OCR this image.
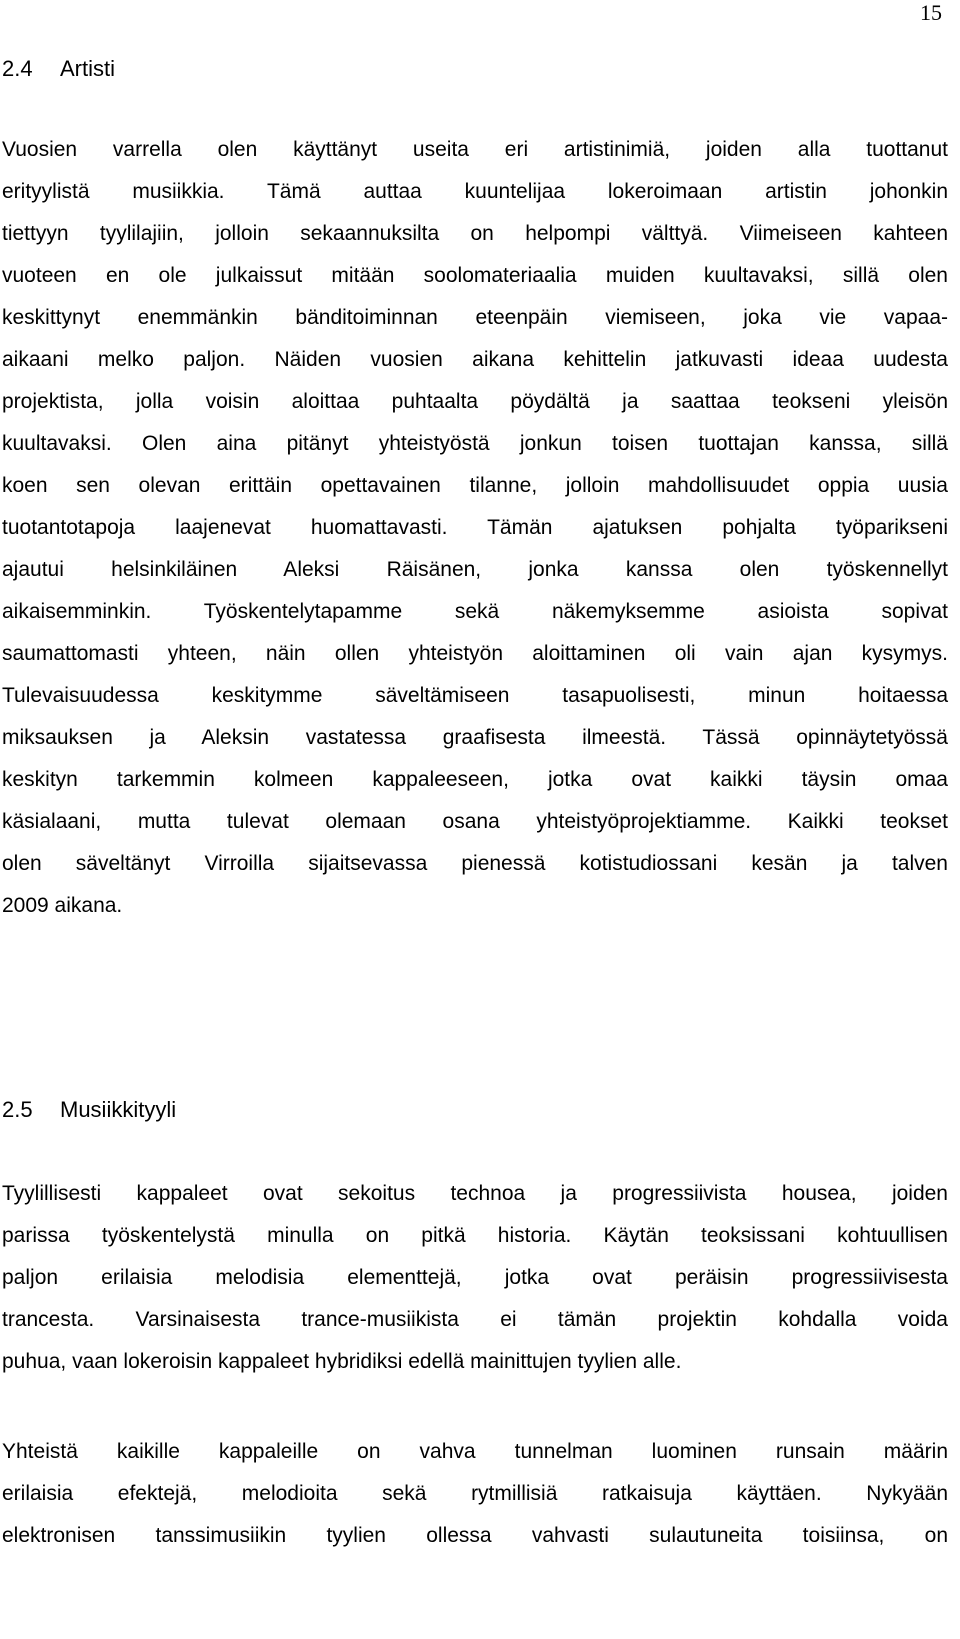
15
2.4 Artisti
Vuosien varrella olen käyttänyt useita eri artistinimiä, joiden alla tuottanut
erityylistä musiikkia. Tämä auttaa kuuntelijaa lokeroimaan artistin johonkin
tiettyyn tyylilajiin, jolloin sekaannuksilta on helpompi välttyä. Viimeiseen kahteen
vuoteen en ole julkaissut mitään soolomateriaalia muiden kuultavaksi, sillä olen
keskittynyt enemmänkin bänditoiminnan eteenpäin viemiseen, joka vie vapaa-
aikaani melko paljon. Näiden vuosien aikana kehittelin jatkuvasti ideaa uudesta
projektista, jolla voisin aloittaa puhtaalta pöydältä ja saattaa teokseni yleisön
kuultavaksi. Olen aina pitänyt yhteistyöstä jonkun toisen tuottajan kanssa, sillä
koen sen olevan erittäin opettavainen tilanne, jolloin mahdollisuudet oppia uusia
tuotantotapoja laajenevat huomattavasti. Tämän ajatuksen pohjalta työparikseni
ajautui helsinkiläinen Aleksi Räisänen, jonka kanssa olen työskennellyt
aikaisemminkin. Työskentelytapamme sekä näkemyksemme asioista sopivat
saumattomasti yhteen, näin ollen yhteistyön aloittaminen oli vain ajan kysymys.
Tulevaisuudessa keskitymme säveltämiseen tasapuolisesti, minun hoitaessa
miksauksen ja Aleksin vastatessa graafisesta ilmeestä. Tässä opinnäytetyössä
keskityn tarkemmin kolmeen kappaleeseen, jotka ovat kaikki täysin omaa
käsialaani, mutta tulevat olemaan osana yhteistyöprojektiamme. Kaikki teokset
olen säveltänyt Virroilla sijaitsevassa pienessä kotistudiossani kesän ja talven
2009 aikana.
2.5 Musiikkityyli
Tyylillisesti kappaleet ovat sekoitus technoa ja progressiivista housea, joiden
parissa työskentelystä minulla on pitkä historia. Käytän teoksissani kohtuullisen
paljon erilaisia melodisia elementtejä, jotka ovat peräisin progressiivisesta
trancesta. Varsinaisesta trance-musiikista ei tämän projektin kohdalla voida
puhua, vaan lokeroisin kappaleet hybridiksi edellä mainittujen tyylien alle.
Yhteistä kaikille kappaleille on vahva tunnelman luominen runsain määrin
erilaisia efektejä, melodioita sekä rytmillisiä ratkaisuja käyttäen. Nykyään
elektronisen tanssimusiikin tyylien ollessa vahvasti sulautuneita toisiinsa, on
